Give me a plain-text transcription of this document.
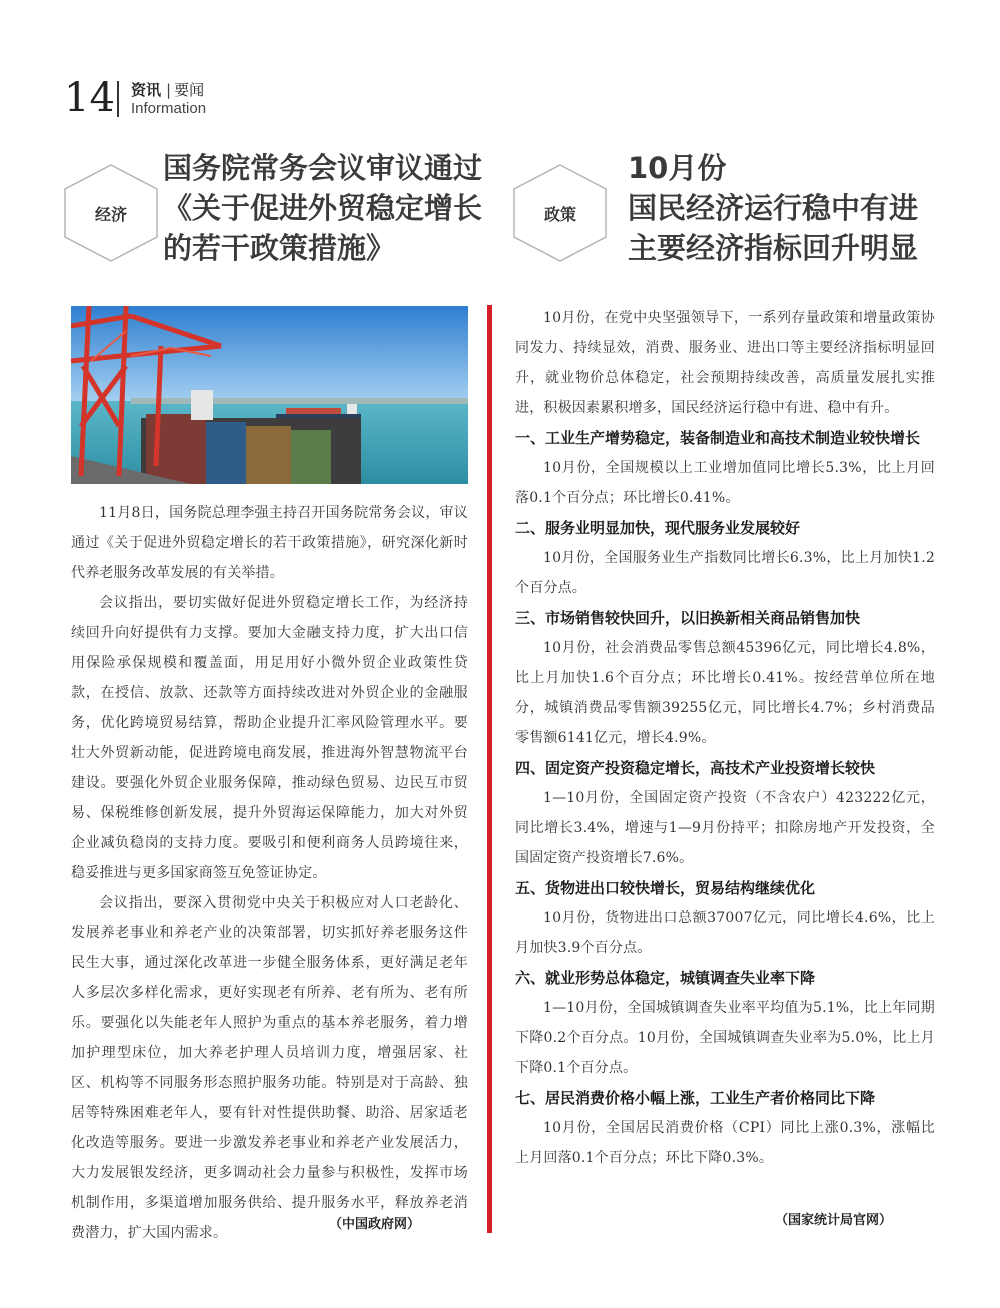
14 资讯 | 要闻
Information
经济
国务院常务会议审议通过
《关于促进外贸稳定增长
的若干政策措施》
政策
10月份
国民经济运行稳中有进
主要经济指标回升明显

11月8日，国务院总理李强主持召开国务院常务会议，审议通过《关于促进外贸稳定增长的若干政策措施》，研究深化新时代养老服务改革发展的有关举措。

会议指出，要切实做好促进外贸稳定增长工作，为经济持续回升向好提供有力支撑。要加大金融支持力度，扩大出口信用保险承保规模和覆盖面，用足用好小微外贸企业政策性贷款，在授信、放款、还款等方面持续改进对外贸企业的金融服务，优化跨境贸易结算，帮助企业提升汇率风险管理水平。要壮大外贸新动能，促进跨境电商发展，推进海外智慧物流平台建设。要强化外贸企业服务保障，推动绿色贸易、边民互市贸易、保税维修创新发展，提升外贸海运保障能力，加大对外贸企业减负稳岗的支持力度。要吸引和便利商务人员跨境往来，稳妥推进与更多国家商签互免签证协定。

会议指出，要深入贯彻党中央关于积极应对人口老龄化、发展养老事业和养老产业的决策部署，切实抓好养老服务这件民生大事，通过深化改革进一步健全服务体系，更好满足老年人多层次多样化需求，更好实现老有所养、老有所为、老有所乐。要强化以失能老年人照护为重点的基本养老服务，着力增加护理型床位，加大养老护理人员培训力度，增强居家、社区、机构等不同服务形态照护服务功能。特别是对于高龄、独居等特殊困难老年人，要有针对性提供助餐、助浴、居家适老化改造等服务。要进一步激发养老事业和养老产业发展活力，大力发展银发经济，更多调动社会力量参与积极性，发挥市场机制作用，多渠道增加服务供给、提升服务水平，释放养老消费潜力，扩大国内需求。

（中国政府网）

10月份，在党中央坚强领导下，一系列存量政策和增量政策协同发力、持续显效，消费、服务业、进出口等主要经济指标明显回升，就业物价总体稳定，社会预期持续改善，高质量发展扎实推进，积极因素累积增多，国民经济运行稳中有进、稳中有升。

一、工业生产增势稳定，装备制造业和高技术制造业较快增长

10月份，全国规模以上工业增加值同比增长5.3%，比上月回落0.1个百分点；环比增长0.41%。

二、服务业明显加快，现代服务业发展较好

10月份，全国服务业生产指数同比增长6.3%，比上月加快1.2个百分点。

三、市场销售较快回升，以旧换新相关商品销售加快

10月份，社会消费品零售总额45396亿元，同比增长4.8%，比上月加快1.6个百分点；环比增长0.41%。按经营单位所在地分，城镇消费品零售额39255亿元，同比增长4.7%；乡村消费品零售额6141亿元，增长4.9%。

四、固定资产投资稳定增长，高技术产业投资增长较快

1—10月份，全国固定资产投资（不含农户）423222亿元，同比增长3.4%，增速与1—9月份持平；扣除房地产开发投资，全国固定资产投资增长7.6%。

五、货物进出口较快增长，贸易结构继续优化

10月份，货物进出口总额37007亿元，同比增长4.6%，比上月加快3.9个百分点。

六、就业形势总体稳定，城镇调查失业率下降

1—10月份，全国城镇调查失业率平均值为5.1%，比上年同期下降0.2个百分点。10月份，全国城镇调查失业率为5.0%，比上月下降0.1个百分点。

七、居民消费价格小幅上涨，工业生产者价格同比下降

10月份，全国居民消费价格（CPI）同比上涨0.3%，涨幅比上月回落0.1个百分点；环比下降0.3%。

（国家统计局官网）
